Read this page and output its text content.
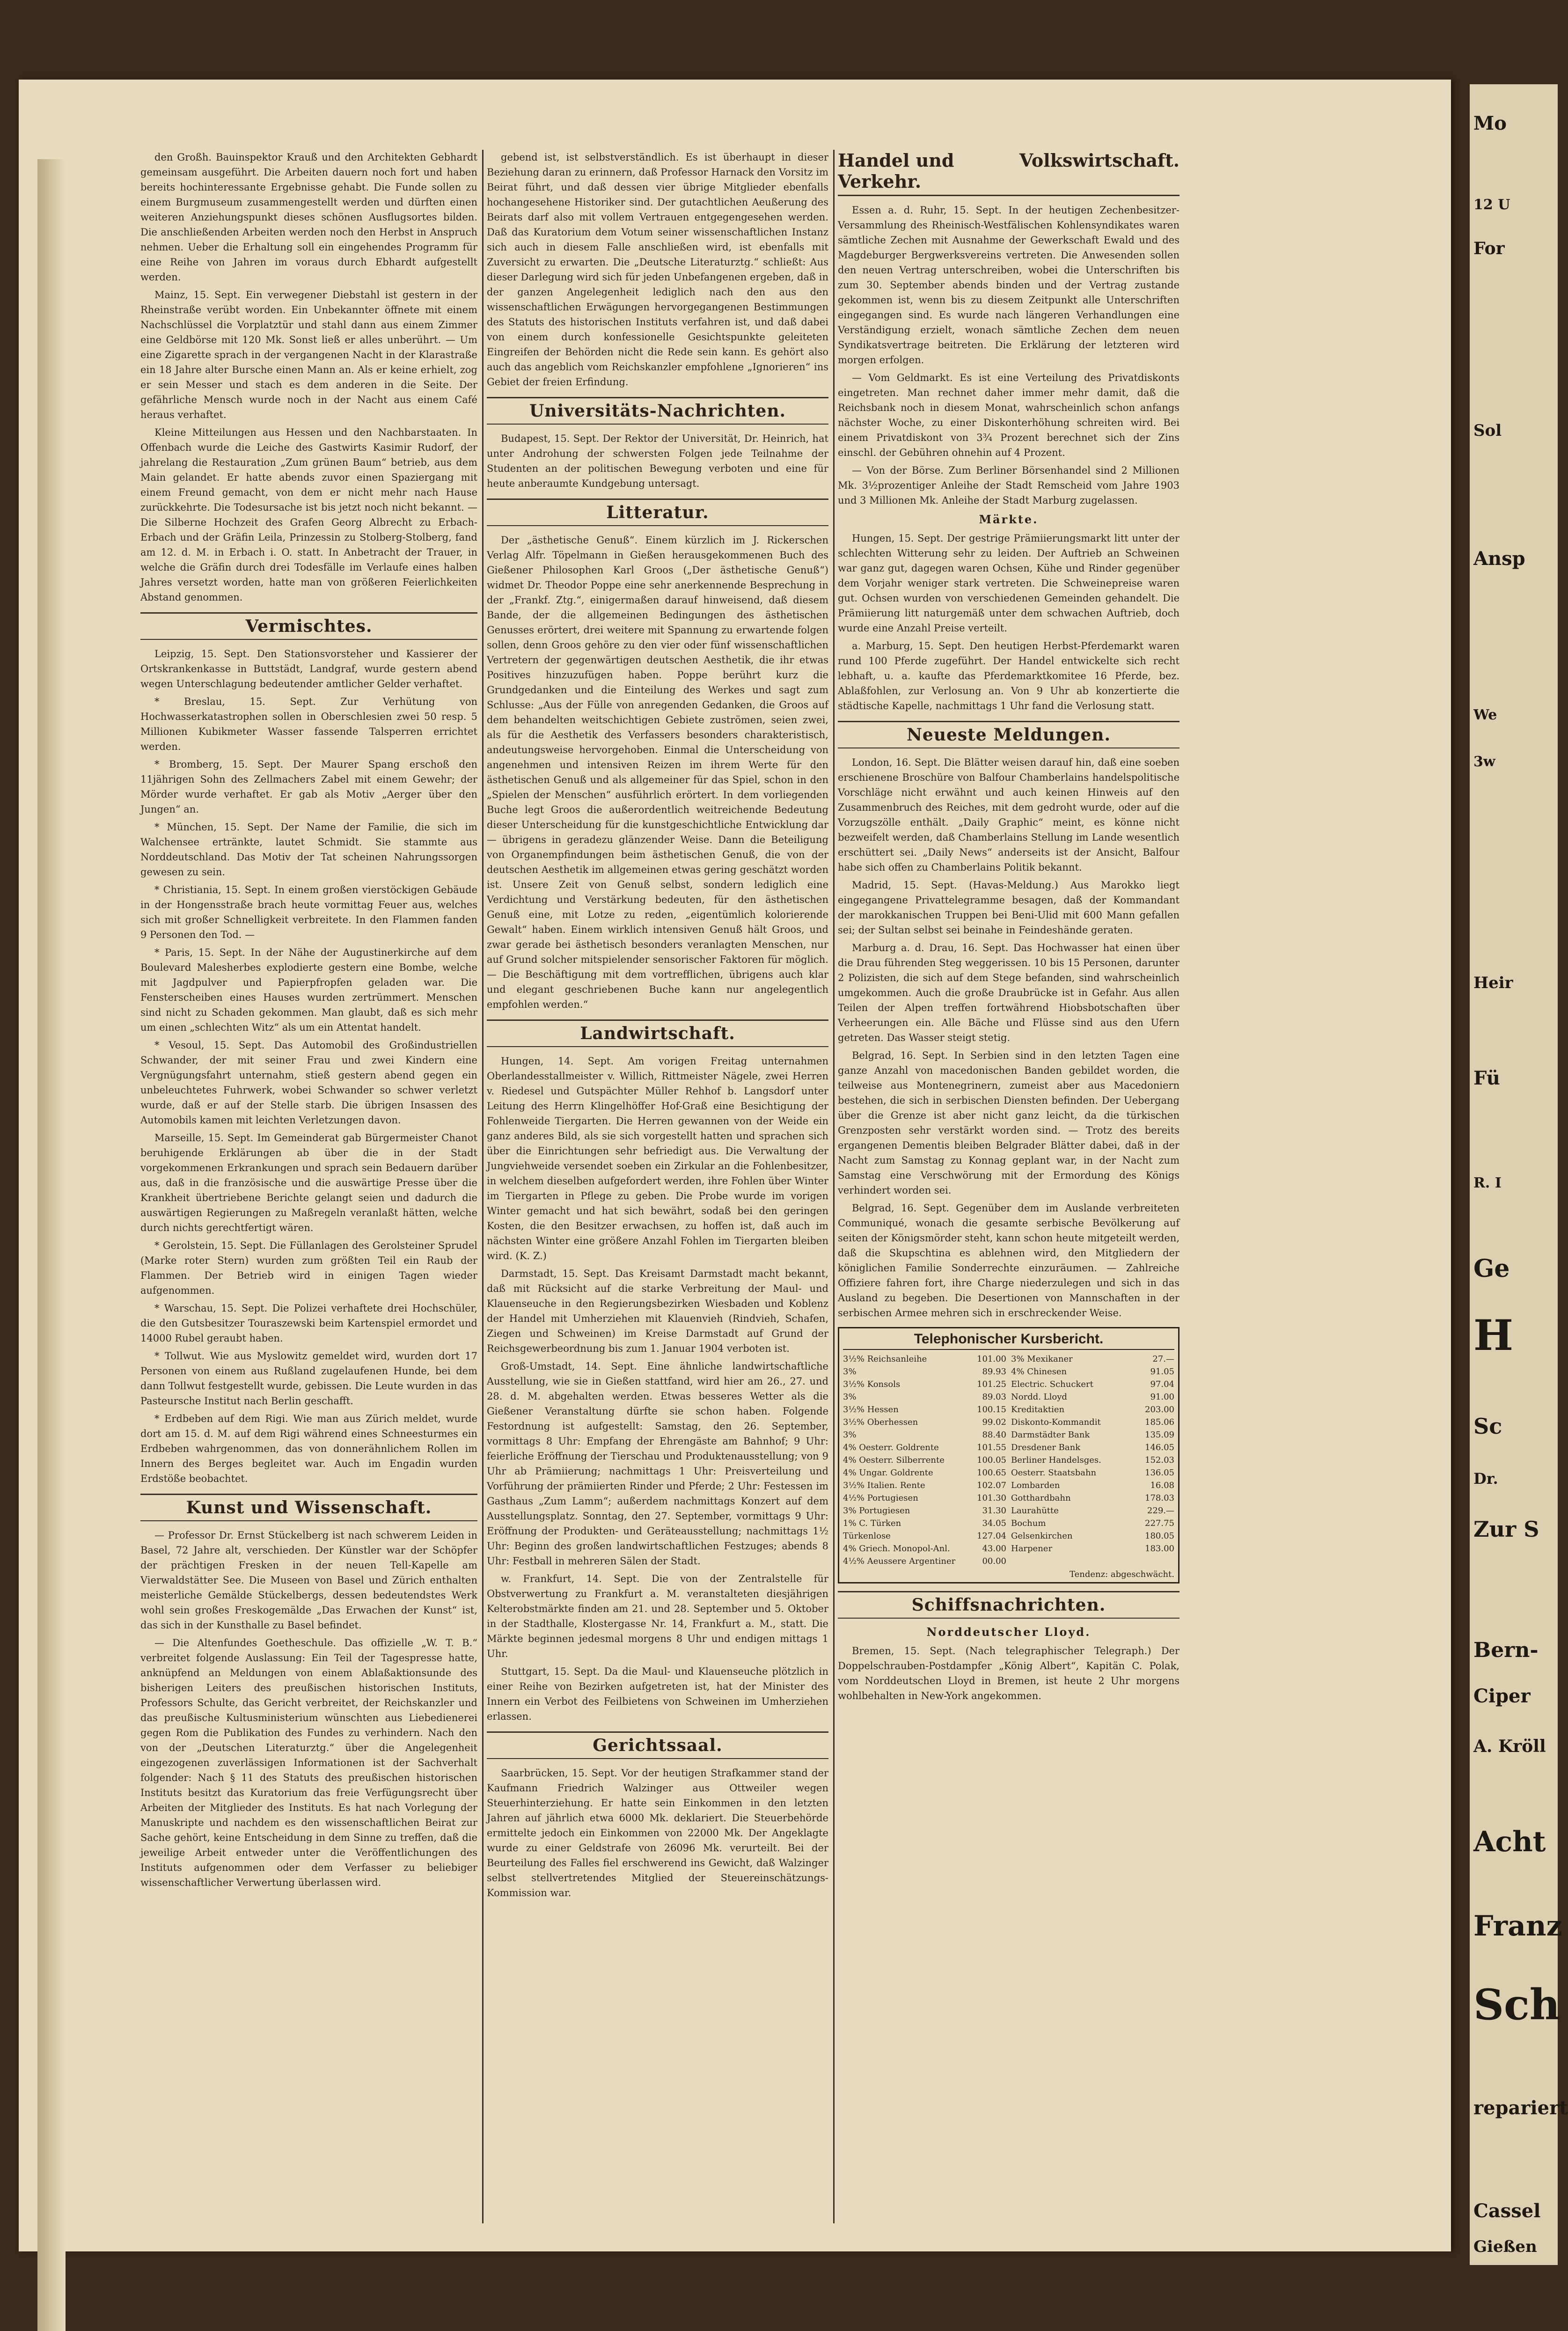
den Großh. Bauinspektor Krauß und den Architekten Gebhardt gemeinsam ausgeführt. Die Arbeiten dauern noch fort und haben bereits hochinteressante Ergebnisse gehabt. Die Funde sollen zu einem Burgmuseum zusammengestellt werden und dürften einen weiteren Anziehungspunkt dieses schönen Ausflugsortes bilden. Die anschließenden Arbeiten werden noch den Herbst in Anspruch nehmen. Ueber die Erhaltung soll ein eingehendes Programm für eine Reihe von Jahren im voraus durch Ebhardt aufgestellt werden.

Mainz, 15. Sept. Ein verwegener Diebstahl ist gestern in der Rheinstraße verübt worden. Ein Unbekannter öffnete mit einem Nachschlüssel die Vorplatztür und stahl dann aus einem Zimmer eine Geldbörse mit 120 Mk. Sonst ließ er alles unberührt. — Um eine Zigarette sprach in der vergangenen Nacht in der Klarastraße ein 18 Jahre alter Bursche einen Mann an. Als er keine erhielt, zog er sein Messer und stach es dem anderen in die Seite. Der gefährliche Mensch wurde noch in der Nacht aus einem Café heraus verhaftet.

Kleine Mitteilungen aus Hessen und den Nachbarstaaten. In Offenbach wurde die Leiche des Gastwirts Kasimir Rudorf, der jahrelang die Restauration „Zum grünen Baum“ betrieb, aus dem Main gelandet. Er hatte abends zuvor einen Spaziergang mit einem Freund gemacht, von dem er nicht mehr nach Hause zurückkehrte. Die Todesursache ist bis jetzt noch nicht bekannt. — Die Silberne Hochzeit des Grafen Georg Albrecht zu Erbach-Erbach und der Gräfin Leila, Prinzessin zu Stolberg-Stolberg, fand am 12. d. M. in Erbach i. O. statt. In Anbetracht der Trauer, in welche die Gräfin durch drei Todesfälle im Verlaufe eines halben Jahres versetzt worden, hatte man von größeren Feierlichkeiten Abstand genommen.

Vermischtes.

Leipzig, 15. Sept. Den Stationsvorsteher und Kassierer der Ortskrankenkasse in Buttstädt, Landgraf, wurde gestern abend wegen Unterschlagung bedeutender amtlicher Gelder verhaftet.

* Breslau, 15. Sept. Zur Verhütung von Hochwasserkatastrophen sollen in Oberschlesien zwei 50 resp. 5 Millionen Kubikmeter Wasser fassende Talsperren errichtet werden.

* Bromberg, 15. Sept. Der Maurer Spang erschoß den 11jährigen Sohn des Zellmachers Zabel mit einem Gewehr; der Mörder wurde verhaftet. Er gab als Motiv „Aerger über den Jungen“ an.

* München, 15. Sept. Der Name der Familie, die sich im Walchensee ertränkte, lautet Schmidt. Sie stammte aus Norddeutschland. Das Motiv der Tat scheinen Nahrungssorgen gewesen zu sein.

* Christiania, 15. Sept. In einem großen vierstöckigen Gebäude in der Hongensstraße brach heute vormittag Feuer aus, welches sich mit großer Schnelligkeit verbreitete. In den Flammen fanden 9 Personen den Tod. —

* Paris, 15. Sept. In der Nähe der Augustinerkirche auf dem Boulevard Malesherbes explodierte gestern eine Bombe, welche mit Jagdpulver und Papierpfropfen geladen war. Die Fensterscheiben eines Hauses wurden zertrümmert. Menschen sind nicht zu Schaden gekommen. Man glaubt, daß es sich mehr um einen „schlechten Witz“ als um ein Attentat handelt.

* Vesoul, 15. Sept. Das Automobil des Großindustriellen Schwander, der mit seiner Frau und zwei Kindern eine Vergnügungsfahrt unternahm, stieß gestern abend gegen ein unbeleuchtetes Fuhrwerk, wobei Schwander so schwer verletzt wurde, daß er auf der Stelle starb. Die übrigen Insassen des Automobils kamen mit leichten Verletzungen davon.

Marseille, 15. Sept. Im Gemeinderat gab Bürgermeister Chanot beruhigende Erklärungen ab über die in der Stadt vorgekommenen Erkrankungen und sprach sein Bedauern darüber aus, daß in die französische und die auswärtige Presse über die Krankheit übertriebene Berichte gelangt seien und dadurch die auswärtigen Regierungen zu Maßregeln veranlaßt hätten, welche durch nichts gerechtfertigt wären.

* Gerolstein, 15. Sept. Die Füllanlagen des Gerolsteiner Sprudel (Marke roter Stern) wurden zum größten Teil ein Raub der Flammen. Der Betrieb wird in einigen Tagen wieder aufgenommen.

* Warschau, 15. Sept. Die Polizei verhaftete drei Hochschüler, die den Gutsbesitzer Touraszewski beim Kartenspiel ermordet und 14000 Rubel geraubt haben.

* Tollwut. Wie aus Myslowitz gemeldet wird, wurden dort 17 Personen von einem aus Rußland zugelaufenen Hunde, bei dem dann Tollwut festgestellt wurde, gebissen. Die Leute wurden in das Pasteursche Institut nach Berlin geschafft.

* Erdbeben auf dem Rigi. Wie man aus Zürich meldet, wurde dort am 15. d. M. auf dem Rigi während eines Schneesturmes ein Erdbeben wahrgenommen, das von donnerähnlichem Rollen im Innern des Berges begleitet war. Auch im Engadin wurden Erdstöße beobachtet.

Kunst und Wissenschaft.

— Professor Dr. Ernst Stückelberg ist nach schwerem Leiden in Basel, 72 Jahre alt, verschieden. Der Künstler war der Schöpfer der prächtigen Fresken in der neuen Tell-Kapelle am Vierwaldstätter See. Die Museen von Basel und Zürich enthalten meisterliche Gemälde Stückelbergs, dessen bedeutendstes Werk wohl sein großes Freskogemälde „Das Erwachen der Kunst“ ist, das sich in der Kunsthalle zu Basel befindet.

— Die Altenfundes Goetheschule. Das offizielle „W. T. B.“ verbreitet folgende Auslassung: Ein Teil der Tagespresse hatte, anknüpfend an Meldungen von einem Ablaßaktionsunde des bisherigen Leiters des preußischen historischen Instituts, Professors Schulte, das Gericht verbreitet, der Reichskanzler und das preußische Kultusministerium wünschten aus Liebedienerei gegen Rom die Publikation des Fundes zu verhindern. Nach den von der „Deutschen Literaturztg.“ über die Angelegenheit eingezogenen zuverlässigen Informationen ist der Sachverhalt folgender: Nach § 11 des Statuts des preußischen historischen Instituts besitzt das Kuratorium das freie Verfügungsrecht über Arbeiten der Mitglieder des Instituts. Es hat nach Vorlegung der Manuskripte und nachdem es den wissenschaftlichen Beirat zur Sache gehört, keine Entscheidung in dem Sinne zu treffen, daß die jeweilige Arbeit entweder unter die Veröffentlichungen des Instituts aufgenommen oder dem Verfasser zu beliebiger wissenschaftlicher Verwertung überlassen wird.

gebend ist, ist selbstverständlich. Es ist überhaupt in dieser Beziehung daran zu erinnern, daß Professor Harnack den Vorsitz im Beirat führt, und daß dessen vier übrige Mitglieder ebenfalls hochangesehene Historiker sind. Der gutachtlichen Aeußerung des Beirats darf also mit vollem Vertrauen entgegengesehen werden. Daß das Kuratorium dem Votum seiner wissenschaftlichen Instanz sich auch in diesem Falle anschließen wird, ist ebenfalls mit Zuversicht zu erwarten. Die „Deutsche Literaturztg.“ schließt: Aus dieser Darlegung wird sich für jeden Unbefangenen ergeben, daß in der ganzen Angelegenheit lediglich nach den aus den wissenschaftlichen Erwägungen hervorgegangenen Bestimmungen des Statuts des historischen Instituts verfahren ist, und daß dabei von einem durch konfessionelle Gesichtspunkte geleiteten Eingreifen der Behörden nicht die Rede sein kann. Es gehört also auch das angeblich vom Reichskanzler empfohlene „Ignorieren“ ins Gebiet der freien Erfindung.

Universitäts-Nachrichten.

Budapest, 15. Sept. Der Rektor der Universität, Dr. Heinrich, hat unter Androhung der schwersten Folgen jede Teilnahme der Studenten an der politischen Bewegung verboten und eine für heute anberaumte Kundgebung untersagt.

Litteratur.

Der „ästhetische Genuß“. Einem kürzlich im J. Rickerschen Verlag Alfr. Töpelmann in Gießen herausgekommenen Buch des Gießener Philosophen Karl Groos („Der ästhetische Genuß“) widmet Dr. Theodor Poppe eine sehr anerkennende Besprechung in der „Frankf. Ztg.“, einigermaßen darauf hinweisend, daß diesem Bande, der die allgemeinen Bedingungen des ästhetischen Genusses erörtert, drei weitere mit Spannung zu erwartende folgen sollen, denn Groos gehöre zu den vier oder fünf wissenschaftlichen Vertretern der gegenwärtigen deutschen Aesthetik, die ihr etwas Positives hinzuzufügen haben. Poppe berührt kurz die Grundgedanken und die Einteilung des Werkes und sagt zum Schlusse: „Aus der Fülle von anregenden Gedanken, die Groos auf dem behandelten weitschichtigen Gebiete zuströmen, seien zwei, als für die Aesthetik des Verfassers besonders charakteristisch, andeutungsweise hervorgehoben. Einmal die Unterscheidung von angenehmen und intensiven Reizen im ihrem Werte für den ästhetischen Genuß und als allgemeiner für das Spiel, schon in den „Spielen der Menschen“ ausführlich erörtert. In dem vorliegenden Buche legt Groos die außerordentlich weitreichende Bedeutung dieser Unterscheidung für die kunstgeschichtliche Entwicklung dar — übrigens in geradezu glänzender Weise. Dann die Beteiligung von Organempfindungen beim ästhetischen Genuß, die von der deutschen Aesthetik im allgemeinen etwas gering geschätzt worden ist. Unsere Zeit von Genuß selbst, sondern lediglich eine Verdichtung und Verstärkung bedeuten, für den ästhetischen Genuß eine, mit Lotze zu reden, „eigentümlich kolorierende Gewalt“ haben. Einem wirklich intensiven Genuß hält Groos, und zwar gerade bei ästhetisch besonders veranlagten Menschen, nur auf Grund solcher mitspielender sensorischer Faktoren für möglich. — Die Beschäftigung mit dem vortrefflichen, übrigens auch klar und elegant geschriebenen Buche kann nur angelegentlich empfohlen werden.“

Landwirtschaft.

Hungen, 14. Sept. Am vorigen Freitag unternahmen Oberlandesstallmeister v. Willich, Rittmeister Nägele, zwei Herren v. Riedesel und Gutspächter Müller Rehhof b. Langsdorf unter Leitung des Herrn Klingelhöffer Hof-Graß eine Besichtigung der Fohlenweide Tiergarten. Die Herren gewannen von der Weide ein ganz anderes Bild, als sie sich vorgestellt hatten und sprachen sich über die Einrichtungen sehr befriedigt aus. Die Verwaltung der Jungviehweide versendet soeben ein Zirkular an die Fohlenbesitzer, in welchem dieselben aufgefordert werden, ihre Fohlen über Winter im Tiergarten in Pflege zu geben. Die Probe wurde im vorigen Winter gemacht und hat sich bewährt, sodaß bei den geringen Kosten, die den Besitzer erwachsen, zu hoffen ist, daß auch im nächsten Winter eine größere Anzahl Fohlen im Tiergarten bleiben wird. (K. Z.)

Darmstadt, 15. Sept. Das Kreisamt Darmstadt macht bekannt, daß mit Rücksicht auf die starke Verbreitung der Maul- und Klauenseuche in den Regierungsbezirken Wiesbaden und Koblenz der Handel mit Umherziehen mit Klauenvieh (Rindvieh, Schafen, Ziegen und Schweinen) im Kreise Darmstadt auf Grund der Reichsgewerbeordnung bis zum 1. Januar 1904 verboten ist.

Groß-Umstadt, 14. Sept. Eine ähnliche landwirtschaftliche Ausstellung, wie sie in Gießen stattfand, wird hier am 26., 27. und 28. d. M. abgehalten werden. Etwas besseres Wetter als die Gießener Veranstaltung dürfte sie schon haben. Folgende Festordnung ist aufgestellt: Samstag, den 26. September, vormittags 8 Uhr: Empfang der Ehrengäste am Bahnhof; 9 Uhr: feierliche Eröffnung der Tierschau und Produktenausstellung; von 9 Uhr ab Prämiierung; nachmittags 1 Uhr: Preisverteilung und Vorführung der prämiierten Rinder und Pferde; 2 Uhr: Festessen im Gasthaus „Zum Lamm“; außerdem nachmittags Konzert auf dem Ausstellungsplatz. Sonntag, den 27. September, vormittags 9 Uhr: Eröffnung der Produkten- und Geräteausstellung; nachmittags 1½ Uhr: Beginn des großen landwirtschaftlichen Festzuges; abends 8 Uhr: Festball in mehreren Sälen der Stadt.

w. Frankfurt, 14. Sept. Die von der Zentralstelle für Obstverwertung zu Frankfurt a. M. veranstalteten diesjährigen Kelterobstmärkte finden am 21. und 28. September und 5. Oktober in der Stadthalle, Klostergasse Nr. 14, Frankfurt a. M., statt. Die Märkte beginnen jedesmal morgens 8 Uhr und endigen mittags 1 Uhr.

Stuttgart, 15. Sept. Da die Maul- und Klauenseuche plötzlich in einer Reihe von Bezirken aufgetreten ist, hat der Minister des Innern ein Verbot des Feilbietens von Schweinen im Umherziehen erlassen.

Gerichtssaal.

Saarbrücken, 15. Sept. Vor der heutigen Strafkammer stand der Kaufmann Friedrich Walzinger aus Ottweiler wegen Steuerhinterziehung. Er hatte sein Einkommen in den letzten Jahren auf jährlich etwa 6000 Mk. deklariert. Die Steuerbehörde ermittelte jedoch ein Einkommen von 22000 Mk. Der Angeklagte wurde zu einer Geldstrafe von 26096 Mk. verurteilt. Bei der Beurteilung des Falles fiel erschwerend ins Gewicht, daß Walzinger selbst stellvertretendes Mitglied der Steuereinschätzungs-Kommission war.

Handel und Verkehr.
Volkswirtschaft.

Essen a. d. Ruhr, 15. Sept. In der heutigen Zechenbesitzer-Versammlung des Rheinisch-Westfälischen Kohlensyndikates waren sämtliche Zechen mit Ausnahme der Gewerkschaft Ewald und des Magdeburger Bergwerksvereins vertreten. Die Anwesenden sollen den neuen Vertrag unterschreiben, wobei die Unterschriften bis zum 30. September abends binden und der Vertrag zustande gekommen ist, wenn bis zu diesem Zeitpunkt alle Unterschriften eingegangen sind. Es wurde nach längeren Verhandlungen eine Verständigung erzielt, wonach sämtliche Zechen dem neuen Syndikatsvertrage beitreten. Die Erklärung der letzteren wird morgen erfolgen.

— Vom Geldmarkt. Es ist eine Verteilung des Privatdiskonts eingetreten. Man rechnet daher immer mehr damit, daß die Reichsbank noch in diesem Monat, wahrscheinlich schon anfangs nächster Woche, zu einer Diskonterhöhung schreiten wird. Bei einem Privatdiskont von 3¾ Prozent berechnet sich der Zins einschl. der Gebühren ohnehin auf 4 Prozent.

— Von der Börse. Zum Berliner Börsenhandel sind 2 Millionen Mk. 3½prozentiger Anleihe der Stadt Remscheid vom Jahre 1903 und 3 Millionen Mk. Anleihe der Stadt Marburg zugelassen.

Märkte.

Hungen, 15. Sept. Der gestrige Prämiierungsmarkt litt unter der schlechten Witterung sehr zu leiden. Der Auftrieb an Schweinen war ganz gut, dagegen waren Ochsen, Kühe und Rinder gegenüber dem Vorjahr weniger stark vertreten. Die Schweinepreise waren gut. Ochsen wurden von verschiedenen Gemeinden gehandelt. Die Prämiierung litt naturgemäß unter dem schwachen Auftrieb, doch wurde eine Anzahl Preise verteilt.

a. Marburg, 15. Sept. Den heutigen Herbst-Pferdemarkt waren rund 100 Pferde zugeführt. Der Handel entwickelte sich recht lebhaft, u. a. kaufte das Pferdemarktkomitee 16 Pferde, bez. Ablaßfohlen, zur Verlosung an. Von 9 Uhr ab konzertierte die städtische Kapelle, nachmittags 1 Uhr fand die Verlosung statt.

Neueste Meldungen.

London, 16. Sept. Die Blätter weisen darauf hin, daß eine soeben erschienene Broschüre von Balfour Chamberlains handelspolitische Vorschläge nicht erwähnt und auch keinen Hinweis auf den Zusammenbruch des Reiches, mit dem gedroht wurde, oder auf die Vorzugszölle enthält. „Daily Graphic“ meint, es könne nicht bezweifelt werden, daß Chamberlains Stellung im Lande wesentlich erschüttert sei. „Daily News“ anderseits ist der Ansicht, Balfour habe sich offen zu Chamberlains Politik bekannt.

Madrid, 15. Sept. (Havas-Meldung.) Aus Marokko liegt eingegangene Privattelegramme besagen, daß der Kommandant der marokkanischen Truppen bei Beni-Ulid mit 600 Mann gefallen sei; der Sultan selbst sei beinahe in Feindeshände geraten.

Marburg a. d. Drau, 16. Sept. Das Hochwasser hat einen über die Drau führenden Steg weggerissen. 10 bis 15 Personen, darunter 2 Polizisten, die sich auf dem Stege befanden, sind wahrscheinlich umgekommen. Auch die große Draubrücke ist in Gefahr. Aus allen Teilen der Alpen treffen fortwährend Hiobsbotschaften über Verheerungen ein. Alle Bäche und Flüsse sind aus den Ufern getreten. Das Wasser steigt stetig.

Belgrad, 16. Sept. In Serbien sind in den letzten Tagen eine ganze Anzahl von macedonischen Banden gebildet worden, die teilweise aus Montenegrinern, zumeist aber aus Macedoniern bestehen, die sich in serbischen Diensten befinden. Der Uebergang über die Grenze ist aber nicht ganz leicht, da die türkischen Grenzposten sehr verstärkt worden sind. — Trotz des bereits ergangenen Dementis bleiben Belgrader Blätter dabei, daß in der Nacht zum Samstag zu Konnag geplant war, in der Nacht zum Samstag eine Verschwörung mit der Ermordung des Königs verhindert worden sei.

Belgrad, 16. Sept. Gegenüber dem im Auslande verbreiteten Communiqué, wonach die gesamte serbische Bevölkerung auf seiten der Königsmörder steht, kann schon heute mitgeteilt werden, daß die Skupschtina es ablehnen wird, den Mitgliedern der königlichen Familie Sonderrechte einzuräumen. — Zahlreiche Offiziere fahren fort, ihre Charge niederzulegen und sich in das Ausland zu begeben. Die Desertionen von Mannschaften in der serbischen Armee mehren sich in erschreckender Weise.

Telephonischer Kursbericht.
3½% Reichsanleihe	101.00
3%	89.93
3½% Konsols	101.25
3%	89.03
3½% Hessen	100.15
3½% Oberhessen	99.02
3%	88.40
4% Oesterr. Goldrente	101.55
4% Oesterr. Silberrente	100.05
4% Ungar. Goldrente	100.65
3½% Italien. Rente	102.07
4½% Portugiesen	101.30
3% Portugiesen	31.30
1% C. Türken	34.05
Türkenlose	127.04
4% Griech. Monopol-Anl.	43.00
4½% Aeussere Argentiner	00.00
3% Mexikaner	27.—
4% Chinesen	91.05
Electric. Schuckert	97.04
Nordd. Lloyd	91.00
Kreditaktien	203.00
Diskonto-Kommandit	185.06
Darmstädter Bank	135.09
Dresdener Bank	146.05
Berliner Handelsges.	152.03
Oesterr. Staatsbahn	136.05
Lombarden	16.08
Gotthardbahn	178.03
Laurahütte	229.—
Bochum	227.75
Gelsenkirchen	180.05
Harpener	183.00
Tendenz: abgeschwächt.
Schiffsnachrichten.
Norddeutscher Lloyd.

Bremen, 15. Sept. (Nach telegraphischer Telegraph.) Der Doppelschrauben-Postdampfer „König Albert“, Kapitän C. Polak, vom Norddeutschen Lloyd in Bremen, ist heute 2 Uhr morgens wohlbehalten in New-York angekommen.

Mo
12 U
For
Sol
Ansp
We
3w
Heir
Fü
R. I
Ge
H
Sc
Dr.
Zur S
Bern-
Ciper
A. Kröll
Acht
Franz
Sch
repariert
Cassel
Gießen
